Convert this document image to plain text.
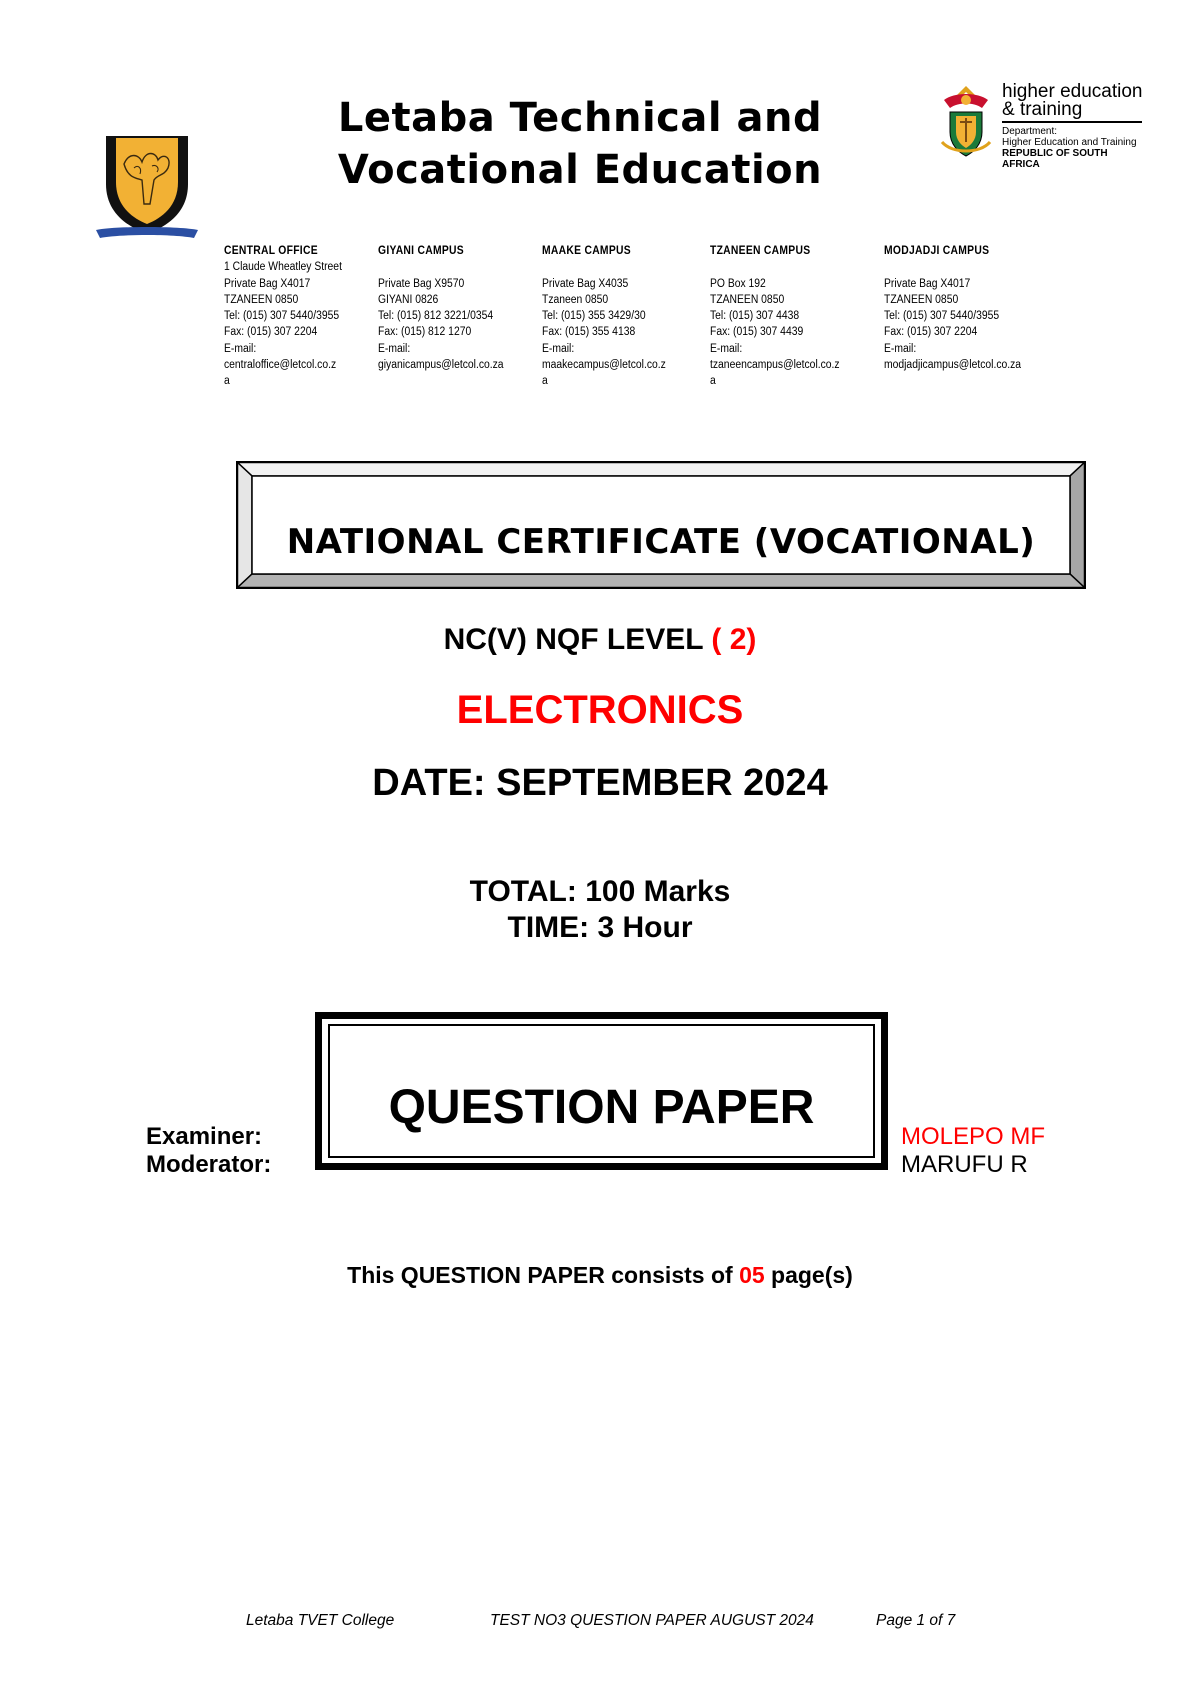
Letaba Technical and
Vocational Education
higher education
& training
Department:
Higher Education and Training
REPUBLIC OF SOUTH AFRICA
CENTRAL OFFICE
1 Claude Wheatley Street
Private Bag X4017
TZANEEN 0850
Tel: (015) 307 5440/3955
Fax: (015) 307 2204
E-mail:
centraloffice@letcol.co.z
a
GIYANI CAMPUS
Private Bag X9570
GIYANI 0826
Tel: (015) 812 3221/0354
Fax: (015) 812 1270
E-mail:
giyanicampus@letcol.co.za
MAAKE CAMPUS
Private Bag X4035
Tzaneen 0850
Tel: (015) 355 3429/30
Fax: (015) 355 4138
E-mail:
maakecampus@letcol.co.z
a
TZANEEN CAMPUS
PO Box 192
TZANEEN 0850
Tel: (015) 307 4438
Fax: (015) 307 4439
E-mail:
tzaneencampus@letcol.co.z
a
MODJADJI CAMPUS
Private Bag X4017
TZANEEN 0850
Tel: (015) 307 5440/3955
Fax: (015) 307 2204
E-mail:
modjadjicampus@letcol.co.za
NATIONAL CERTIFICATE (VOCATIONAL)
NC(V) NQF LEVEL ( 2)
ELECTRONICS
DATE: SEPTEMBER 2024
TOTAL: 100 Marks
TIME: 3 Hour
QUESTION PAPER
Examiner:
Moderator:
MOLEPO MF
MARUFU R
This QUESTION PAPER consists of 05 page(s)
Letaba TVET College	TEST NO3 QUESTION PAPER AUGUST 2024	Page 1 of 7
